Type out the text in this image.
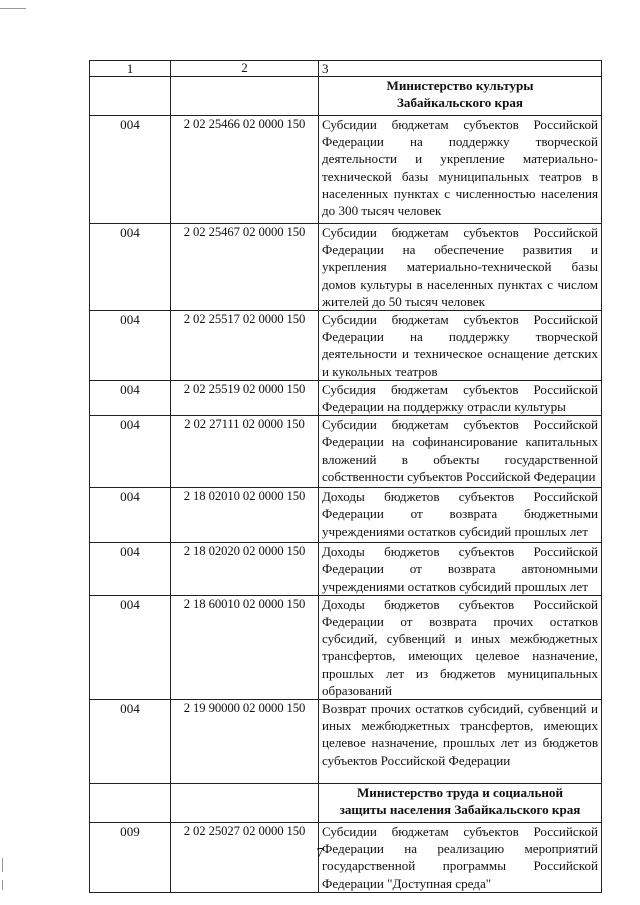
1	2	3
		Министерство культуры
Забайкальского края
004	2 02 25466 02 0000 150	Субсидии бюджетам субъектов Российской Федерации на поддержку творческой деятельности и укрепление материально-технической базы муниципальных театров в населенных пунктах с численностью населения до 300 тысяч человек
004	2 02 25467 02 0000 150	Субсидии бюджетам субъектов Российской Федерации на обеспечение развития и укрепления материально-технической базы домов культуры в населенных пунктах с числом жителей до 50 тысяч человек
004	2 02 25517 02 0000 150	Субсидии бюджетам субъектов Российской Федерации на поддержку творческой деятельности и техническое оснащение детских и кукольных театров
004	2 02 25519 02 0000 150	Субсидия бюджетам субъектов Российской Федерации на поддержку отрасли культуры
004	2 02 27111 02 0000 150	Субсидии бюджетам субъектов Российской Федерации на софинансирование капитальных вложений в объекты государственной собственности субъектов Российской Федерации
004	2 18 02010 02 0000 150	Доходы бюджетов субъектов Российской Федерации от возврата бюджетными учреждениями остатков субсидий прошлых лет
004	2 18 02020 02 0000 150	Доходы бюджетов субъектов Российской Федерации от возврата автономными учреждениями остатков субсидий прошлых лет
004	2 18 60010 02 0000 150	Доходы бюджетов субъектов Российской Федерации от возврата прочих остатков субсидий, субвенций и иных межбюджетных трансфертов, имеющих целевое назначение, прошлых лет из бюджетов муниципальных образований
004	2 19 90000 02 0000 150	Возврат прочих остатков субсидий, субвенций и иных межбюджетных трансфертов, имеющих целевое назначение, прошлых лет из бюджетов субъектов Российской Федерации
		Министерство труда и социальной
защиты населения Забайкальского края
009	2 02 25027 02 0000 150	Субсидии бюджетам субъектов Российской Федерации на реализацию мероприятий государственной программы Российской Федерации "Доступная среда"
7
